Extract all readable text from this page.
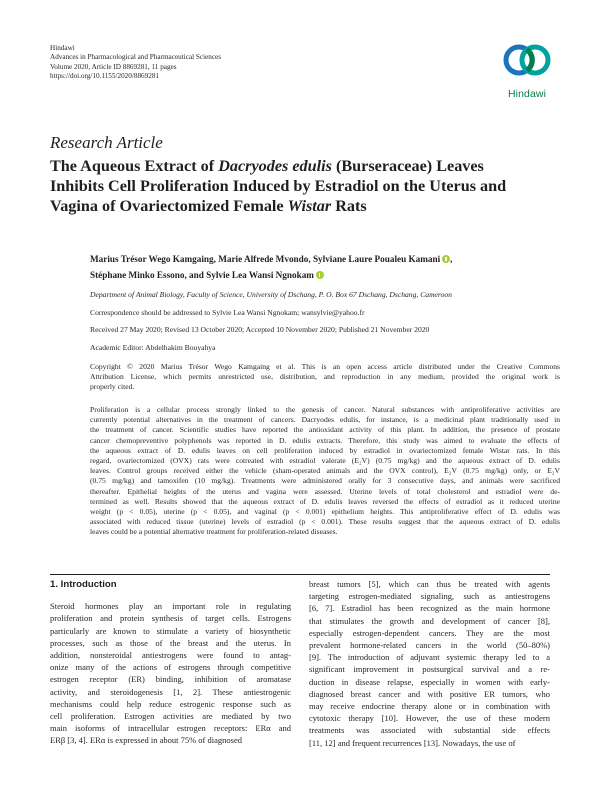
Hindawi
Advances in Pharmacological and Pharmaceutical Sciences
Volume 2020, Article ID 8869281, 11 pages
https://doi.org/10.1155/2020/8869281
Hindawi
Research Article
The Aqueous Extract of Dacryodes edulis (Burseraceae) Leaves
Inhibits Cell Proliferation Induced by Estradiol on the Uterus and
Vagina of Ovariectomized Female Wistar Rats
Marius Trésor Wego Kamgaing, Marie Alfrede Mvondo, Sylviane Laure Poualeu Kamani ,
Stéphane Minko Essono, and Sylvie Lea Wansi Ngnokam
Department of Animal Biology, Faculty of Science, University of Dschang, P. O. Box 67 Dschang, Dschang, Cameroon
Correspondence should be addressed to Sylvie Lea Wansi Ngnokam; wansylvie@yahoo.fr
Received 27 May 2020; Revised 13 October 2020; Accepted 10 November 2020; Published 21 November 2020
Academic Editor: Abdelhakim Bouyahya
Copyright © 2020 Marius Trésor Wego Kamgaing et al. This is an open access article distributed under the Creative Commons
Attribution License, which permits unrestricted use, distribution, and reproduction in any medium, provided the original work is
properly cited.
Proliferation is a cellular process strongly linked to the genesis of cancer. Natural substances with antiproliferative activities are
currently potential alternatives in the treatment of cancers. Dacryodes edulis, for instance, is a medicinal plant traditionally used in
the treatment of cancer. Scientific studies have reported the antioxidant activity of this plant. In addition, the presence of prostate
cancer chemopreventive polyphenols was reported in D. edulis extracts. Therefore, this study was aimed to evaluate the effects of
the aqueous extract of D. edulis leaves on cell proliferation induced by estradiol in ovariectomized female Wistar rats. In this
regard, ovariectomized (OVX) rats were cotreated with estradiol valerate (E₂V) (0.75 mg/kg) and the aqueous extract of D. edulis
leaves. Control groups received either the vehicle (sham-operated animals and the OVX control), E₂V (0.75 mg/kg) only, or E₂V
(0.75 mg/kg) and tamoxifen (10 mg/kg). Treatments were administered orally for 3 consecutive days, and animals were sacrificed
thereafter. Epithelial heights of the uterus and vagina were assessed. Uterine levels of total cholesterol and estradiol were de-
termined as well. Results showed that the aqueous extract of D. edulis leaves reversed the effects of estradiol as it reduced uterine
weight (p < 0.05), uterine (p < 0.05), and vaginal (p < 0.001) epithelium heights. This antiproliferative effect of D. edulis was
associated with reduced tissue (uterine) levels of estradiol (p < 0.001). These results suggest that the aqueous extract of D. edulis
leaves could be a potential alternative treatment for proliferation-related diseases.
1. Introduction
Steroid hormones play an important role in regulating
proliferation and protein synthesis of target cells. Estrogens
particularly are known to stimulate a variety of biosynthetic
processes, such as those of the breast and the uterus. In
addition, nonsteroidal antiestrogens were found to antag-
onize many of the actions of estrogens through competitive
estrogen receptor (ER) binding, inhibition of aromatase
activity, and steroidogenesis [1, 2]. These antiestrogenic
mechanisms could help reduce estrogenic response such as
cell proliferation. Estrogen activities are mediated by two
main isoforms of intracellular estrogen receptors: ERα and
ERβ [3, 4]. ERα is expressed in about 75% of diagnosed
breast tumors [5], which can thus be treated with agents
targeting estrogen-mediated signaling, such as antiestrogens
[6, 7]. Estradiol has been recognized as the main hormone
that stimulates the growth and development of cancer [8],
especially estrogen-dependent cancers. They are the most
prevalent hormone-related cancers in the world (50–80%)
[9]. The introduction of adjuvant systemic therapy led to a
significant improvement in postsurgical survival and a re-
duction in disease relapse, especially in women with early-
diagnosed breast cancer and with positive ER tumors, who
may receive endocrine therapy alone or in combination with
cytotoxic therapy [10]. However, the use of these modern
treatments was associated with substantial side effects
[11, 12] and frequent recurrences [13]. Nowadays, the use of
